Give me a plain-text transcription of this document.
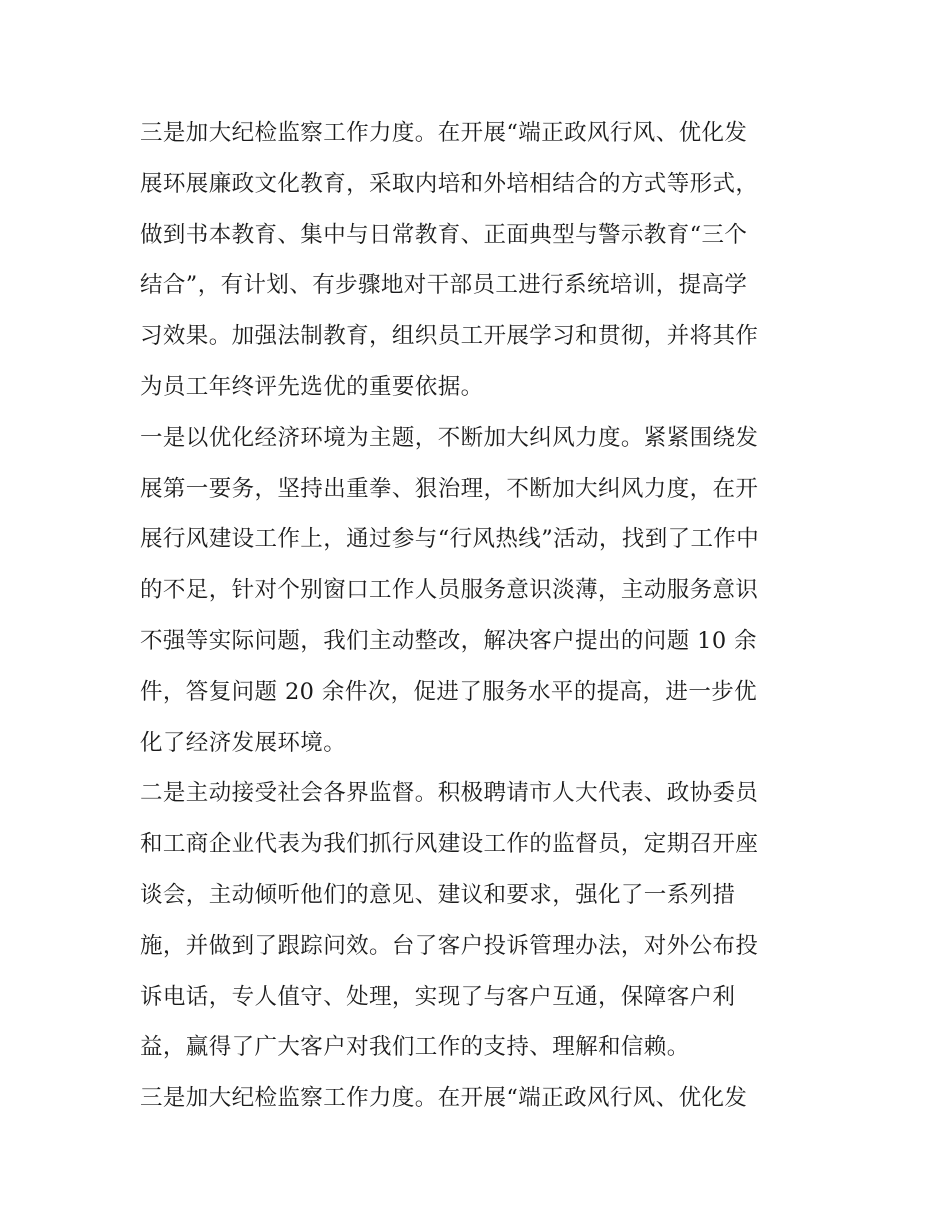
三是加大纪检监察工作力度。在开展“端正政风行风、优化发
展环展廉政文化教育，采取内培和外培相结合的方式等形式，
做到书本教育、集中与日常教育、正面典型与警示教育“三个
结合”，有计划、有步骤地对干部员工进行系统培训，提高学
习效果。加强法制教育，组织员工开展学习和贯彻，并将其作
为员工年终评先选优的重要依据。
一是以优化经济环境为主题，不断加大纠风力度。紧紧围绕发
展第一要务，坚持出重拳、狠治理，不断加大纠风力度，在开
展行风建设工作上，通过参与“行风热线”活动，找到了工作中
的不足，针对个别窗口工作人员服务意识淡薄，主动服务意识
不强等实际问题，我们主动整改，解决客户提出的问题 10 余
件，答复问题 20 余件次，促进了服务水平的提高，进一步优
化了经济发展环境。
二是主动接受社会各界监督。积极聘请市人大代表、政协委员
和工商企业代表为我们抓行风建设工作的监督员，定期召开座
谈会，主动倾听他们的意见、建议和要求，强化了一系列措
施，并做到了跟踪问效。台了客户投诉管理办法，对外公布投
诉电话，专人值守、处理，实现了与客户互通，保障客户利
益，赢得了广大客户对我们工作的支持、理解和信赖。
三是加大纪检监察工作力度。在开展“端正政风行风、优化发
